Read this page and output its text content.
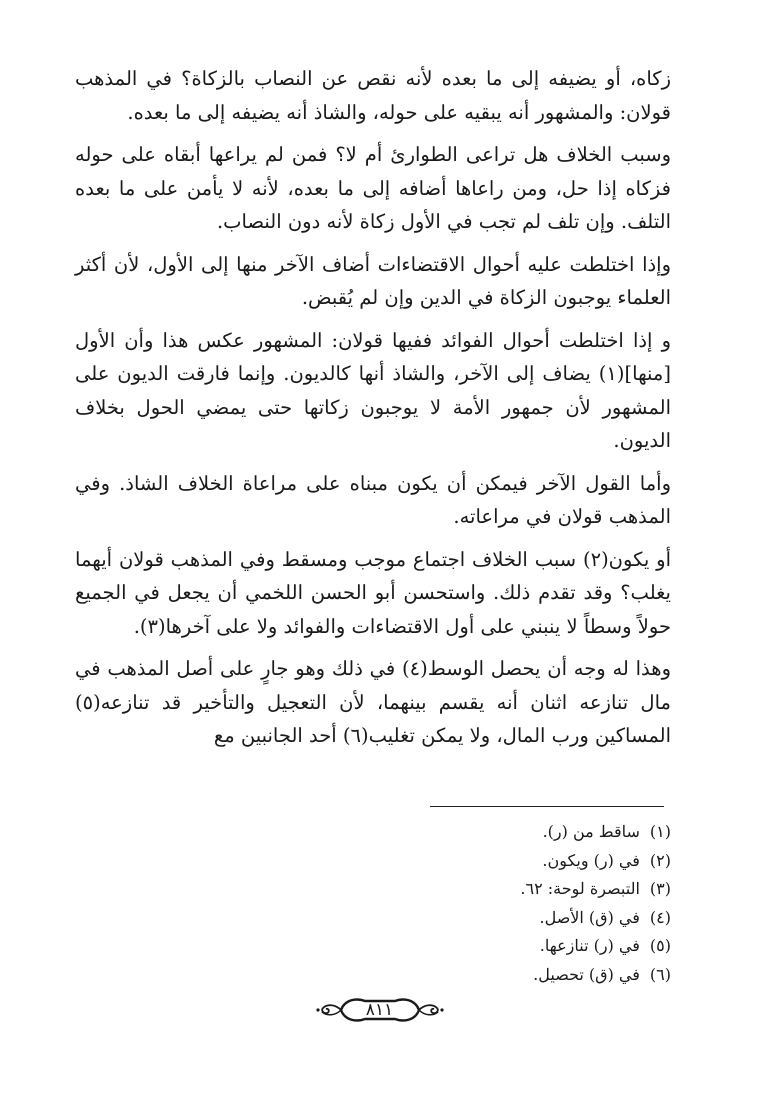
زكاه، أو يضيفه إلى ما بعده لأنه نقص عن النصاب بالزكاة؟ في المذهب قولان: والمشهور أنه يبقيه على حوله، والشاذ أنه يضيفه إلى ما بعده.

وسبب الخلاف هل تراعى الطوارئ أم لا؟ فمن لم يراعها أبقاه على حوله فزكاه إذا حل، ومن راعاها أضافه إلى ما بعده، لأنه لا يأمن على ما بعده التلف. وإن تلف لم تجب في الأول زكاة لأنه دون النصاب.

وإذا اختلطت عليه أحوال الاقتضاءات أضاف الآخر منها إلى الأول، لأن أكثر العلماء يوجبون الزكاة في الدين وإن لم يُقبض.

و إذا اختلطت أحوال الفوائد ففيها قولان: المشهور عكس هذا وأن الأول [منها](١) يضاف إلى الآخر، والشاذ أنها كالديون. وإنما فارقت الديون على المشهور لأن جمهور الأمة لا يوجبون زكاتها حتى يمضي الحول بخلاف الديون.

وأما القول الآخر فيمكن أن يكون مبناه على مراعاة الخلاف الشاذ. وفي المذهب قولان في مراعاته.

أو يكون(٢) سبب الخلاف اجتماع موجب ومسقط وفي المذهب قولان أيهما يغلب؟ وقد تقدم ذلك. واستحسن أبو الحسن اللخمي أن يجعل في الجميع حولاً وسطاً لا ينبني على أول الاقتضاءات والفوائد ولا على آخرها(٣).

وهذا له وجه أن يحصل الوسط(٤) في ذلك وهو جارٍ على أصل المذهب في مال تنازعه اثنان أنه يقسم بينهما، لأن التعجيل والتأخير قد تنازعه(٥) المساكين ورب المال، ولا يمكن تغليب(٦) أحد الجانبين مع

(١)ساقط من (ر).
(٢)في (ر) ويكون.
(٣)التبصرة لوحة: ٦٢.
(٤)في (ق) الأصل.
(٥)في (ر) تنازعها.
(٦)في (ق) تحصيل.
٨١١
